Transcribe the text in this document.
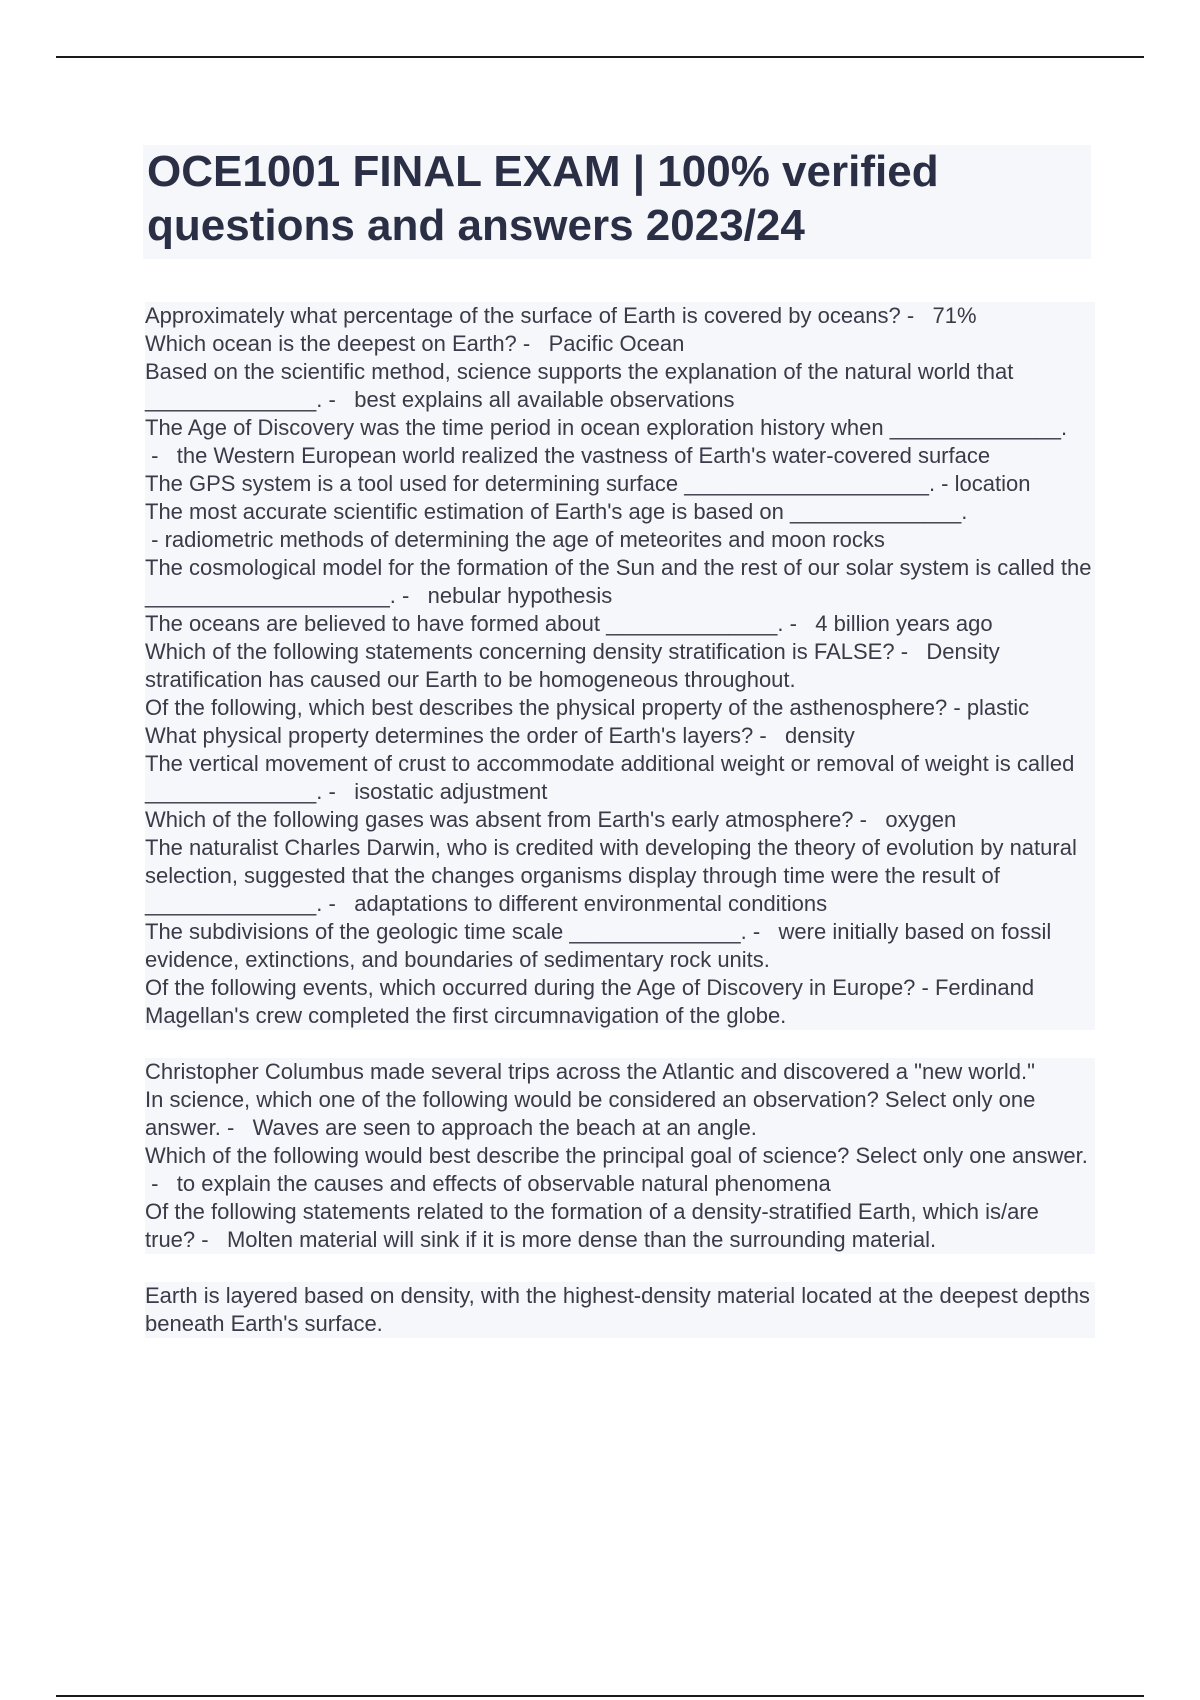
OCE1001 FINAL EXAM | 100% verified questions and answers 2023/24

Approximately what percentage of the surface of Earth is covered by oceans? -   71%

Which ocean is the deepest on Earth? -   Pacific Ocean

Based on the scientific method, science supports the explanation of the natural world that ______________. -   best explains all available observations

The Age of Discovery was the time period in ocean exploration history when ______________. -   the Western European world realized the vastness of Earth's water-covered surface

The GPS system is a tool used for determining surface ____________________. - location

The most accurate scientific estimation of Earth's age is based on ______________. - radiometric methods of determining the age of meteorites and moon rocks

The cosmological model for the formation of the Sun and the rest of our solar system is called the ____________________. -   nebular hypothesis

The oceans are believed to have formed about ______________. -   4 billion years ago

Which of the following statements concerning density stratification is FALSE? -   Density stratification has caused our Earth to be homogeneous throughout.

Of the following, which best describes the physical property of the asthenosphere? - plastic

What physical property determines the order of Earth's layers? -   density

The vertical movement of crust to accommodate additional weight or removal of weight is called ______________. -   isostatic adjustment

Which of the following gases was absent from Earth's early atmosphere? -   oxygen

The naturalist Charles Darwin, who is credited with developing the theory of evolution by natural selection, suggested that the changes organisms display through time were the result of ______________. -   adaptations to different environmental conditions

The subdivisions of the geologic time scale ______________. -   were initially based on fossil evidence, extinctions, and boundaries of sedimentary rock units.

Of the following events, which occurred during the Age of Discovery in Europe? - Ferdinand Magellan's crew completed the first circumnavigation of the globe.

Christopher Columbus made several trips across the Atlantic and discovered a "new world."

In science, which one of the following would be considered an observation? Select only one answer. -   Waves are seen to approach the beach at an angle.

Which of the following would best describe the principal goal of science? Select only one answer. -   to explain the causes and effects of observable natural phenomena

Of the following statements related to the formation of a density-stratified Earth, which is/are true? -   Molten material will sink if it is more dense than the surrounding material.

Earth is layered based on density, with the highest-density material located at the deepest depths beneath Earth's surface.
